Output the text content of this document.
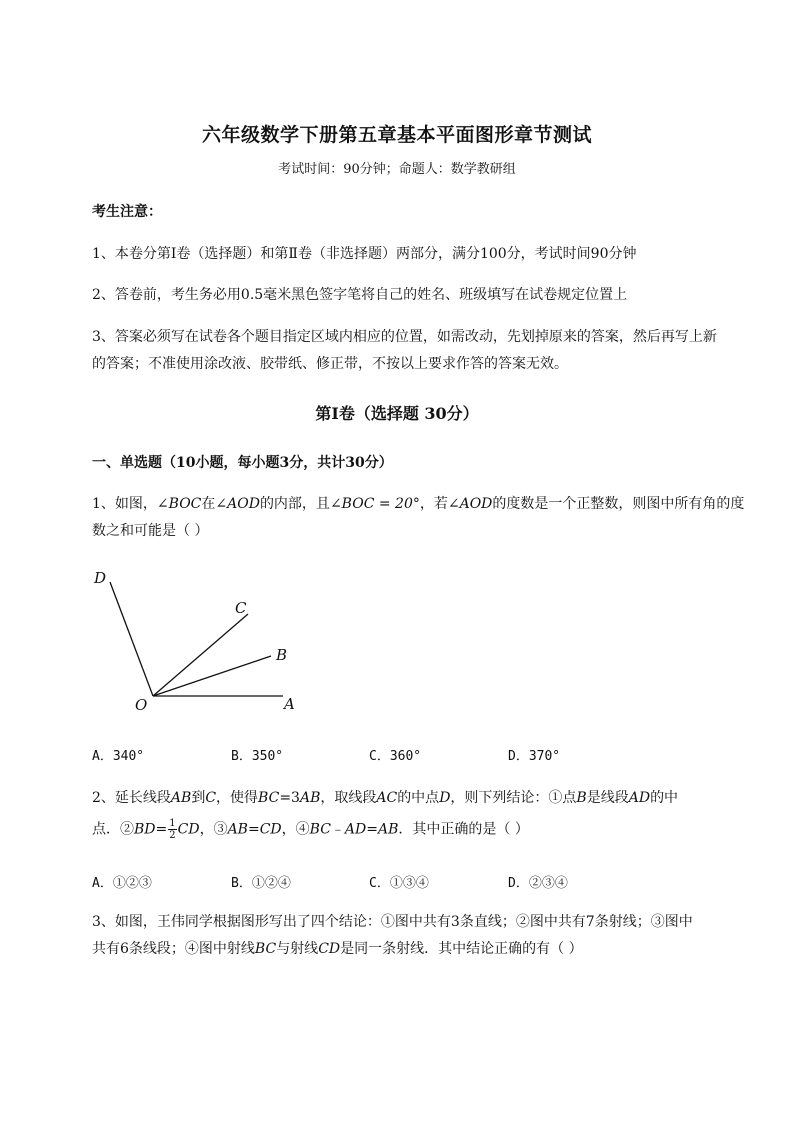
六年级数学下册第五章基本平面图形章节测试
考试时间：90分钟；命题人：数学教研组
考生注意：
1、本卷分第Ⅰ卷（选择题）和第Ⅱ卷（非选择题）两部分，满分100分，考试时间90分钟
2、答卷前，考生务必用0.5毫米黑色签字笔将自己的姓名、班级填写在试卷规定位置上
3、答案必须写在试卷各个题目指定区域内相应的位置，如需改动，先划掉原来的答案，然后再写上新
的答案；不准使用涂改液、胶带纸、修正带，不按以上要求作答的答案无效。
第Ⅰ卷（选择题 30分）
一、单选题（10小题，每小题3分，共计30分）
1、如图，∠BOC在∠AOD的内部，且∠BOC = 20°，若∠AOD的度数是一个正整数，则图中所有角的度
数之和可能是（ ）
D
C
B
O	A
A．340°	B．350°	C．360°	D．370°
2、延长线段AB到C，使得BC=3AB，取线段AC的中点D，则下列结论：①点B是线段AD的中
点．②BD= $\frac{1}{2}$ CD，③AB=CD，④BC﹣AD=AB．其中正确的是（ ）
A．①②③	B．①②④	C．①③④	D．②③④
3、如图，王伟同学根据图形写出了四个结论：①图中共有3条直线；②图中共有7条射线；③图中
共有6条线段；④图中射线BC与射线CD是同一条射线．其中结论正确的有（ ）
